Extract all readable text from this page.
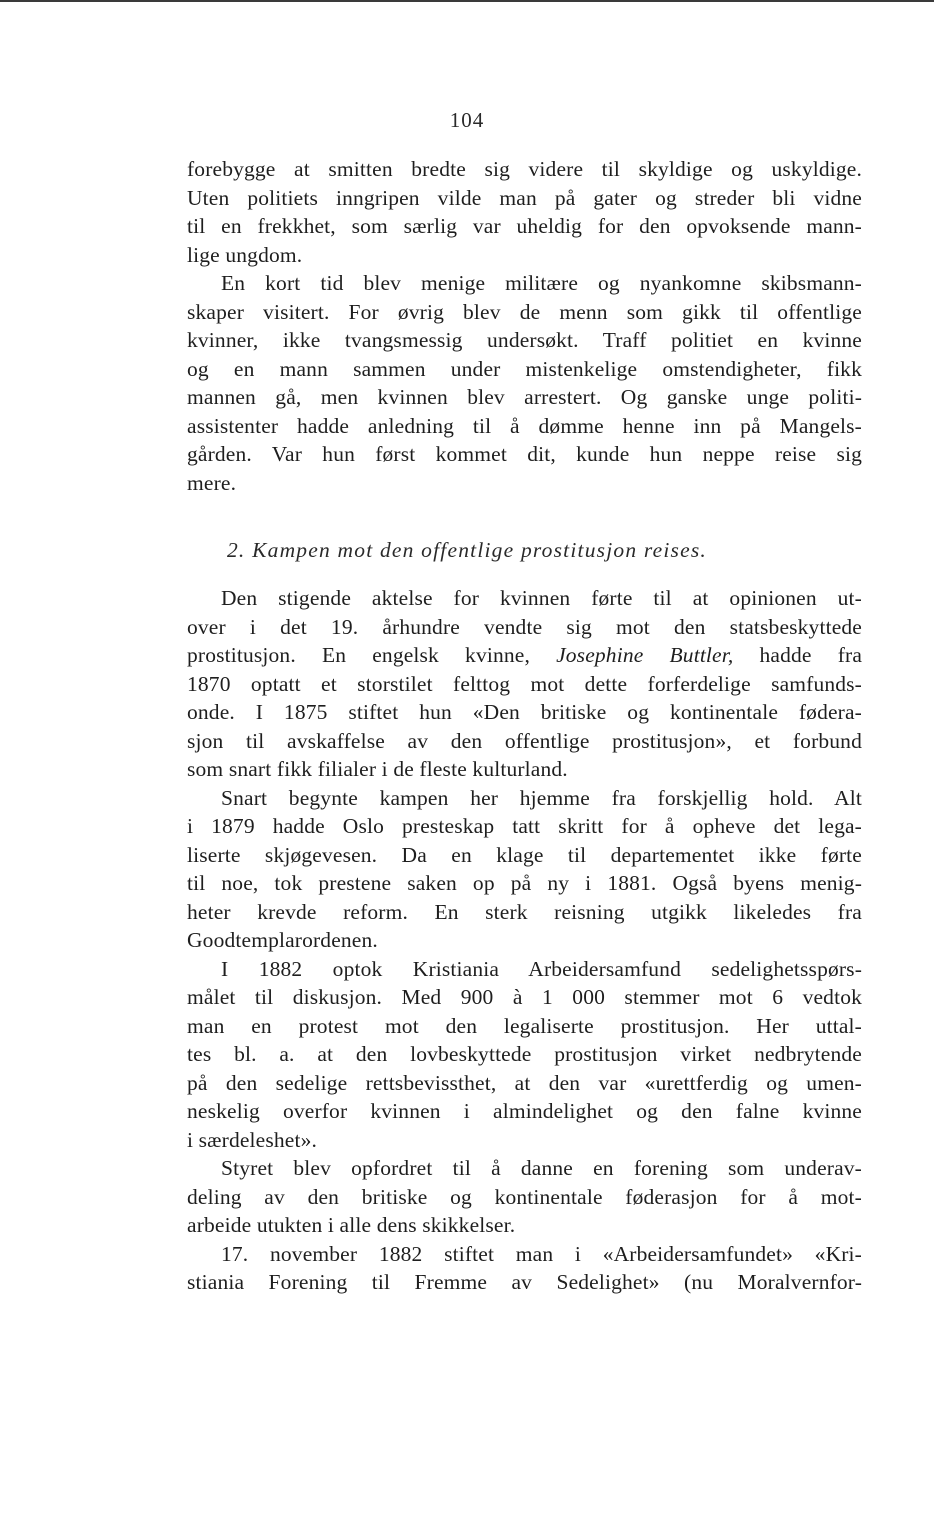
104
forebygge at smitten bredte sig videre til skyldige og uskyldige.
Uten politiets inngripen vilde man på gater og streder bli vidne
til en frekkhet, som særlig var uheldig for den opvoksende mann-
lige ungdom.
En kort tid blev menige militære og nyankomne skibsmann-
skaper visitert. For øvrig blev de menn som gikk til offentlige
kvinner, ikke tvangsmessig undersøkt. Traff politiet en kvinne
og en mann sammen under mistenkelige omstendigheter, fikk
mannen gå, men kvinnen blev arrestert. Og ganske unge politi-
assistenter hadde anledning til å dømme henne inn på Mangels-
gården. Var hun først kommet dit, kunde hun neppe reise sig
mere.
2. Kampen mot den offentlige prostitusjon reises.
Den stigende aktelse for kvinnen førte til at opinionen ut-
over i det 19. århundre vendte sig mot den statsbeskyttede
prostitusjon. En engelsk kvinne, Josephine Buttler, hadde fra
1870 optatt et storstilet felttog mot dette forferdelige samfunds-
onde. I 1875 stiftet hun «Den britiske og kontinentale føderа-
sjon til avskaffelse av den offentlige prostitusjon», et forbund
som snart fikk filialer i de fleste kulturland.
Snart begynte kampen her hjemme fra forskjellig hold. Alt
i 1879 hadde Oslo presteskap tatt skritt for å opheve det lega-
liserte skjøgevesen. Da en klage til departementet ikke førte
til noe, tok prestene saken op på ny i 1881. Også byens menig-
heter krevde reform. En sterk reisning utgikk likeledes fra
Goodtemplarordenen.
I 1882 optok Kristiania Arbeidersamfund sedelighetsspørs-
målet til diskusjon. Med 900 à 1 000 stemmer mot 6 vedtok
man en protest mot den legaliserte prostitusjon. Her uttal-
tes bl. a. at den lovbeskyttede prostitusjon virket nedbrytende
på den sedelige rettsbevissthet, at den var «urettferdig og umen-
neskelig overfor kvinnen i almindelighet og den falne kvinne
i særdeleshet».
Styret blev opfordret til å danne en forening som underav-
deling av den britiske og kontinentale føderasjon for å mot-
arbeide utukten i alle dens skikkelser.
17. november 1882 stiftet man i «Arbeidersamfundet» «Kri-
stiania Forening til Fremme av Sedelighet» (nu Moralvernfor-
